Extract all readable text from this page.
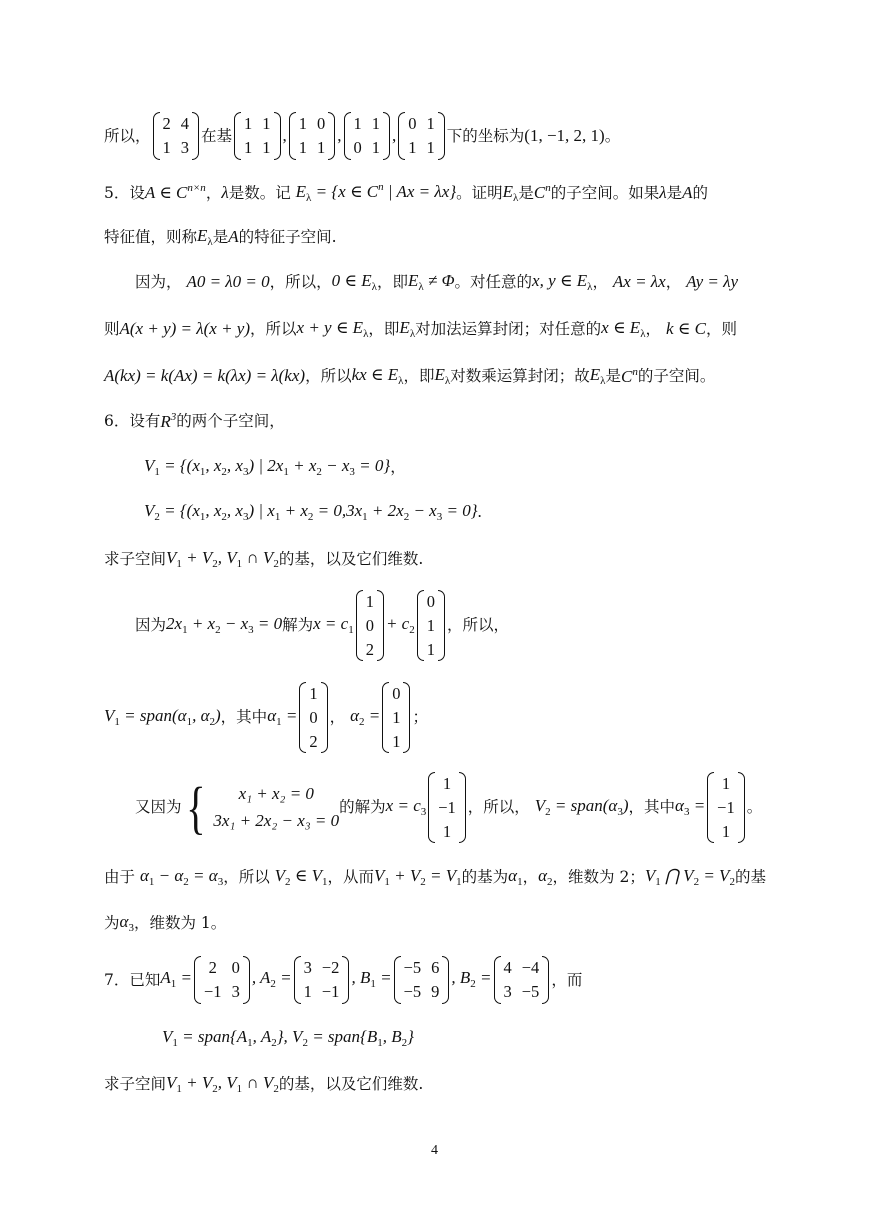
所以，
2 4
1 3
在基
1 1
1 1
,
1 0
1 1
,
1 1
0 1
,
0 1
1 1
下的坐标为 (1, −1, 2, 1) 。
5．设 A ∈ $C^{n\times n}$ ， λ 是数。记
$E_\lambda = \{x$ ∈ $C^n$ | Ax = λx} 。证明 $E_\lambda$ 是 $C^n$ 的子空间。如果 λ 是 A 的
特征值，则称 $E_\lambda$ 是 A 的特征子空间.
因为，
A0 = λ0 = 0 ，所以， 0 ∈ $E_\lambda$ ，即 $E_\lambda \ne \Phi$ 。对任意的 x, y ∈ $E_\lambda$ ，
Ax = λx ，
Ay = λy
则 A(x + y) = λ(x + y) ，所以 x + y ∈ $E_\lambda$ ，即 $E_\lambda$ 对加法运算封闭；对任意的 x ∈ $E_\lambda$ ，
k ∈ C ，则
A(kx) = k(Ax) = k(λx) = λ(kx) ，所以 kx ∈ $E_\lambda$ ，即 $E_\lambda$ 对数乘运算封闭；故 $E_\lambda$ 是 $C^n$ 的子空间。
6．设有 $R^3$ 的两个子空间，
$V_1 = \{(x_1$, $x_2$, $x_3$) | $2x_1 + x_2 - x_3 = 0$} ，
$V_2 = \{(x_1$, $x_2$, $x_3$) | $x_1 + x_2 = 0,3x_1 + 2x_2 - x_3 = 0$} .
求子空间 $V_1 + V_2$, $V_1$ ∩ $V_2$ 的基，以及它们维数.
因为 $2x_1 + x_2 - x_3 = 0$ 解为 $x = c_1$
1
0
2
+ $c_2$
0
1
1
，所以，
$V_1$ = $span(\alpha_1$, $\alpha_2$) ，其中 $\alpha_1$ =
1
0
2
，
$\alpha_2$ =
0
1
1
；
又因为 {	x₁ + x₂ = 0
3x₁ + 2x₂ − x₃ = 0
的解为 $x = c_3$
1
−1
1
，所以，
$V_2$ = $span(\alpha_3)$ ，其中 $\alpha_3$ =
1
−1
1
。
由于
$\alpha_1 - \alpha_2 = \alpha_3$ ，所以
$V_2$ ∈ $V_1$ ，从而 $V_1 + V_2 = V_1$ 的基为 $\alpha_1$ ， $\alpha_2$ ，维数为 2； $V_1$ ⋂ $V_2 = V_2$ 的基
为 $\alpha_3$ ，维数为 1。
7．已知 $A_1$ =
2 0
−1 3
, $A_2$ =
3 −2
1 −1
, $B_1$ =
−5 6
−5 9
, $B_2$ =
4 −4
3 −5
，而
$V_1$ = $span\{A_1$, $A_2$}, $V_2$ = $span\{B_1$, $B_2$}
求子空间 $V_1 + V_2$, $V_1$ ∩ $V_2$ 的基，以及它们维数.
4
